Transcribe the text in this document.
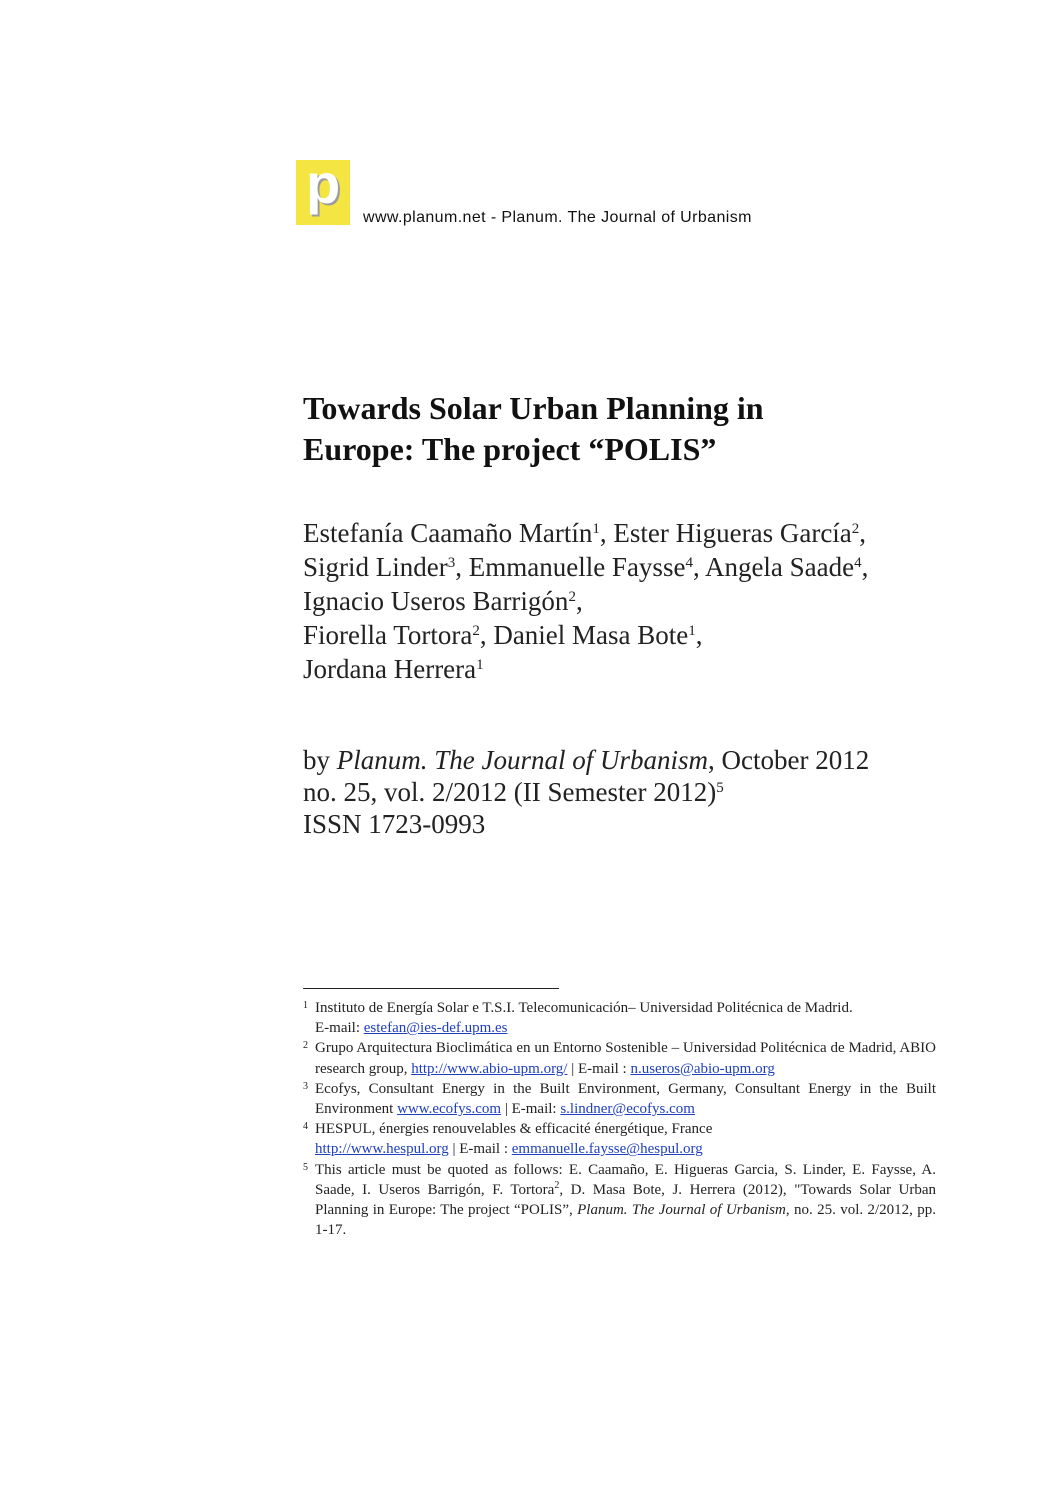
p
www.planum.net - Planum. The Journal of Urbanism
Towards Solar Urban Planning in
Europe: The project “POLIS”
Estefanía Caamaño Martín$^1$, Ester Higueras García$^2$,
Sigrid Linder$^3$, Emmanuelle Faysse$^4$, Angela Saade$^4$,
Ignacio Useros Barrigón$^2$,
Fiorella Tortora$^2$, Daniel Masa Bote$^1$,
Jordana Herrera$^1$
by Planum. The Journal of Urbanism, October 2012
no. 25, vol. 2/2012 (II Semester 2012)$^5$
ISSN 1723-0993

1 Instituto de Energía Solar e T.S.I. Telecomunicación– Universidad Politécnica de Madrid.
E-mail: estefan@ies-def.upm.es

2 Grupo Arquitectura Bioclimática en un Entorno Sostenible – Universidad Politécnica de Madrid, ABIO research group, http://www.abio-upm.org/ | E-mail : n.useros@abio-upm.org

3 Ecofys, Consultant Energy in the Built Environment, Germany, Consultant Energy in the Built Environment www.ecofys.com | E-mail: s.lindner@ecofys.com

4 HESPUL, énergies renouvelables & efficacité énergétique, France
http://www.hespul.org | E-mail : emmanuelle.faysse@hespul.org

5 This article must be quoted as follows: E. Caamaño, E. Higueras Garcia, S. Linder, E. Faysse, A. Saade, I. Useros Barrigón, F. Tortora$^2$, D. Masa Bote, J. Herrera (2012), "Towards Solar Urban Planning in Europe: The project “POLIS”, Planum. The Journal of Urbanism, no. 25. vol. 2/2012, pp. 1-17.
